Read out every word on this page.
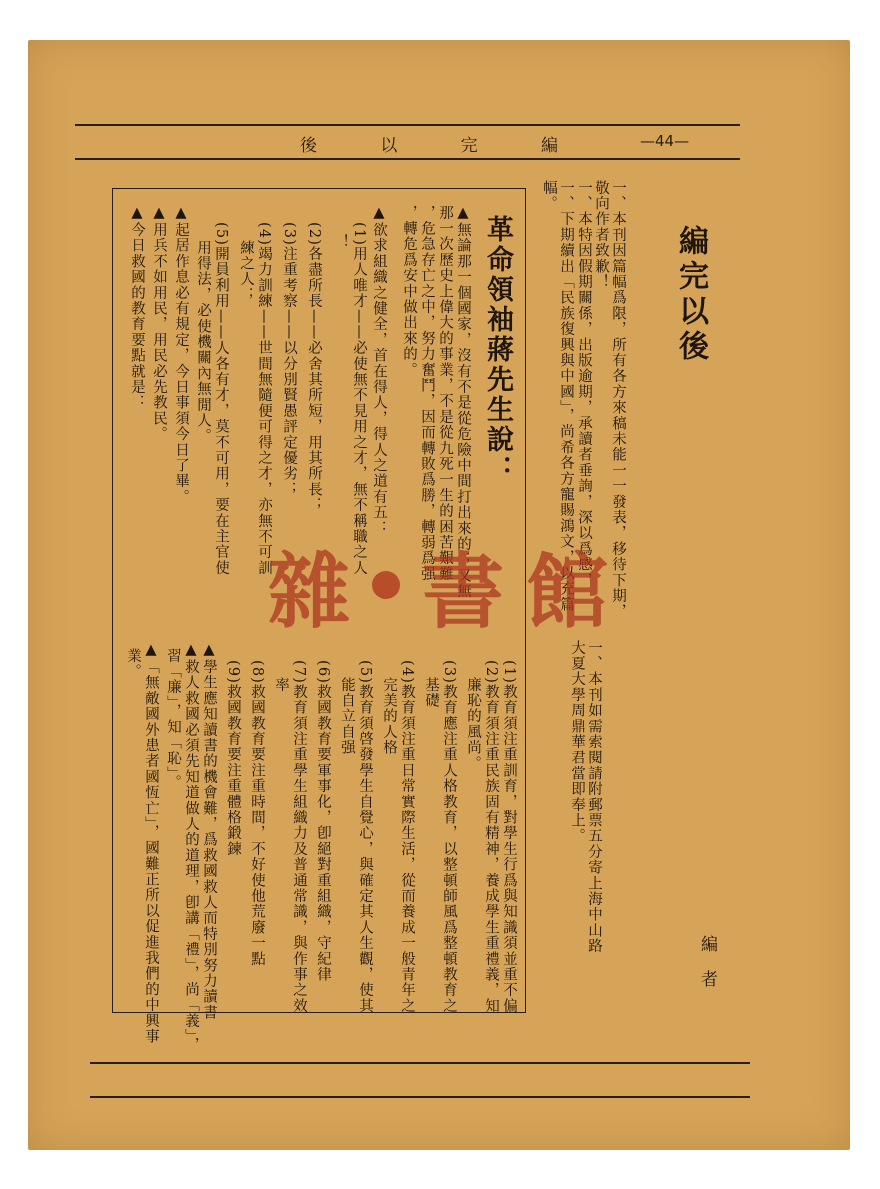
後	以	完	編	—44—
編完以後
一、本刊因篇幅爲限，所有各方來稿未能一一發表，移待下期，敬向作者致歉！
一、本特因假期關係，出版逾期，承讀者垂詢，深以爲感，
一、下期續出「民族復興與中國」，尚希各方寵賜鴻文，以充篇幅。
一、本刊如需索閱請附郵票五分寄上海中山路大夏大學周鼎華君當即奉上。
革命領袖蔣先生說：
▲無論那一個國家，沒有不是從危險中間打出來的；又無
那一次歷史上偉大的事業，不是從九死一生的困苦艱難
，危急存亡之中，努力奮鬥，因而轉敗爲勝，轉弱爲强
，轉危爲安中做出來的。
▲欲求組織之健全，首在得人，得人之道有五：
(1)用人唯才——必使無不見用之才，無不稱職之人
！
(2)各盡所長——必舍其所短，用其所長；
(3)注重考察——以分別賢愚評定優劣；
(4)竭力訓練——世間無隨便可得之才，亦無不可訓
練之人；
(5)開員利用——人各有才，莫不可用，要在主官使
用得法，必使機關內無閒人。
▲起居作息必有規定，今日事須今日了畢。
▲用兵不如用民，用民必先教民。
▲今日救國的教育要點就是：
(1)教育須注重訓育，對學生行爲與知識須並重不偏
(2)教育須注重民族固有精神，養成學生重禮義，知
廉恥的風尚。
(3)教育應注重人格教育，以整頓師風爲整頓教育之
基礎
(4)教育須注重日常實際生活，從而養成一般青年之
完美的人格
(5)教育須啓發學生自覺心，與確定其人生觀，使其
能自立自强
(6)救國教育要軍事化，卽絕對重組織，守紀律
(7)教育須注重學生組織力及普通常識，與作事之效
率
(8)救國教育要注重時間，不好使他荒廢一點
(9)救國教育要注重體格鍛鍊
▲學生應知讀書的機會難，爲救國救人而特別努力讀書
▲救人救國必須先知道做人的道理，卽講「禮」，尚「義」，
習「廉」，知「恥」。
▲「無敵國外患者國恆亡」，國難正所以促進我們的中興事
業。
編者
雜 書 館
